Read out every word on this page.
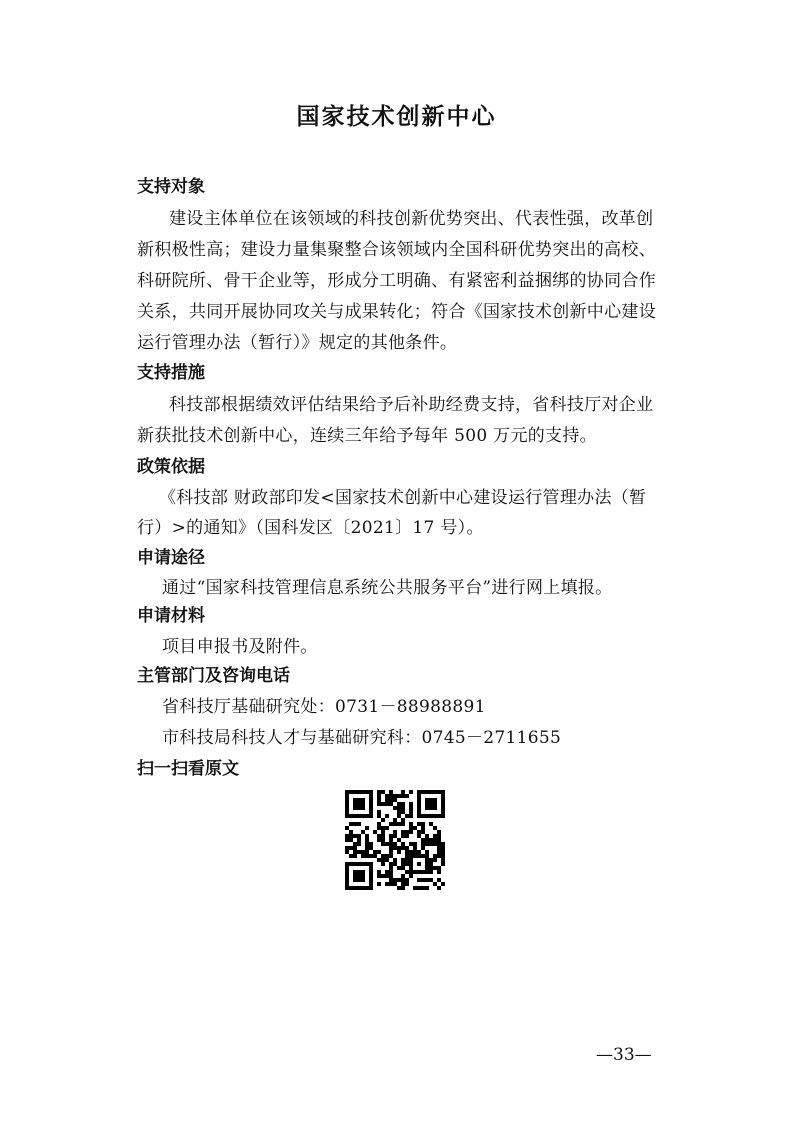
国家技术创新中心
支持对象
建设主体单位在该领域的科技创新优势突出、代表性强，改革创
新积极性高；建设力量集聚整合该领域内全国科研优势突出的高校、
科研院所、骨干企业等，形成分工明确、有紧密利益捆绑的协同合作
关系，共同开展协同攻关与成果转化；符合《国家技术创新中心建设
运行管理办法（暂行）》规定的其他条件。
支持措施
科技部根据绩效评估结果给予后补助经费支持，省科技厅对企业
新获批技术创新中心，连续三年给予每年 500 万元的支持。
政策依据
《科技部 财政部印发<国家技术创新中心建设运行管理办法（暂
行）>的通知》（国科发区〔2021〕17 号）。
申请途径
通过“国家科技管理信息系统公共服务平台”进行网上填报。
申请材料
项目申报书及附件。
主管部门及咨询电话
省科技厅基础研究处：0731－88988891
市科技局科技人才与基础研究科：0745－2711655
扫一扫看原文
—33—
